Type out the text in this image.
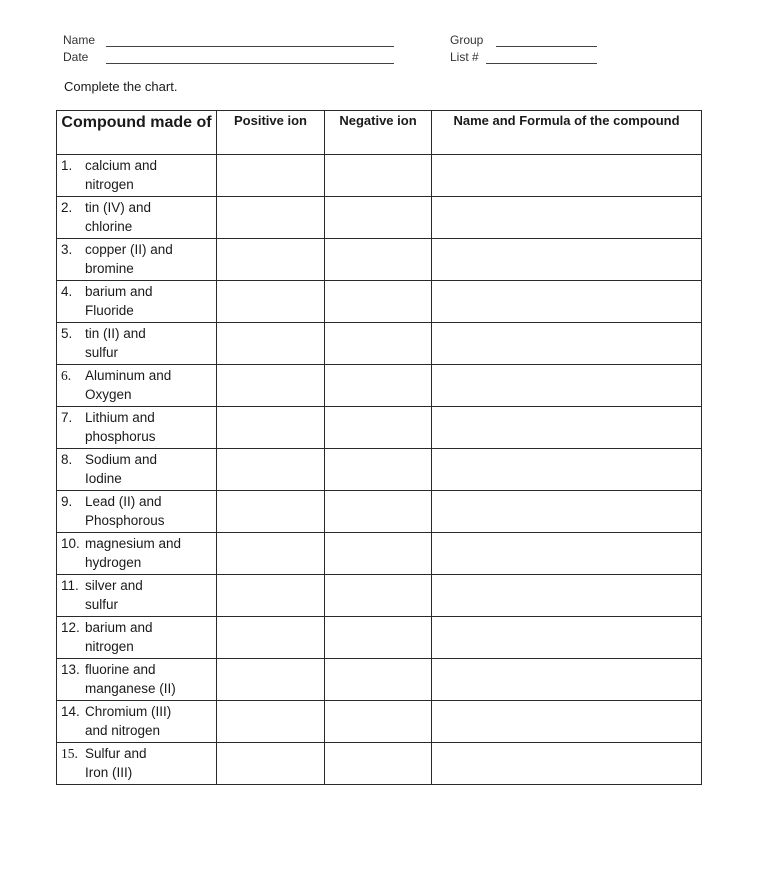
Name
Date
Group
List #
Complete the chart.
Compound made of	Positive ion	Negative ion	Name and Formula of the compound

1. calcium and
nitrogen			

2. tin (IV) and
chlorine			

3. copper (II) and
bromine			

4. barium and
Fluoride			

5. tin (II) and
sulfur			

6. Aluminum and
Oxygen			

7. Lithium and
phosphorus			

8. Sodium and
Iodine			

9. Lead (II) and
Phosphorous			

10. magnesium and
hydrogen			

11. silver and
sulfur			

12. barium and
nitrogen			

13. fluorine and
manganese (II)			

14. Chromium (III)
and nitrogen			

15. Sulfur and
Iron (III)			
